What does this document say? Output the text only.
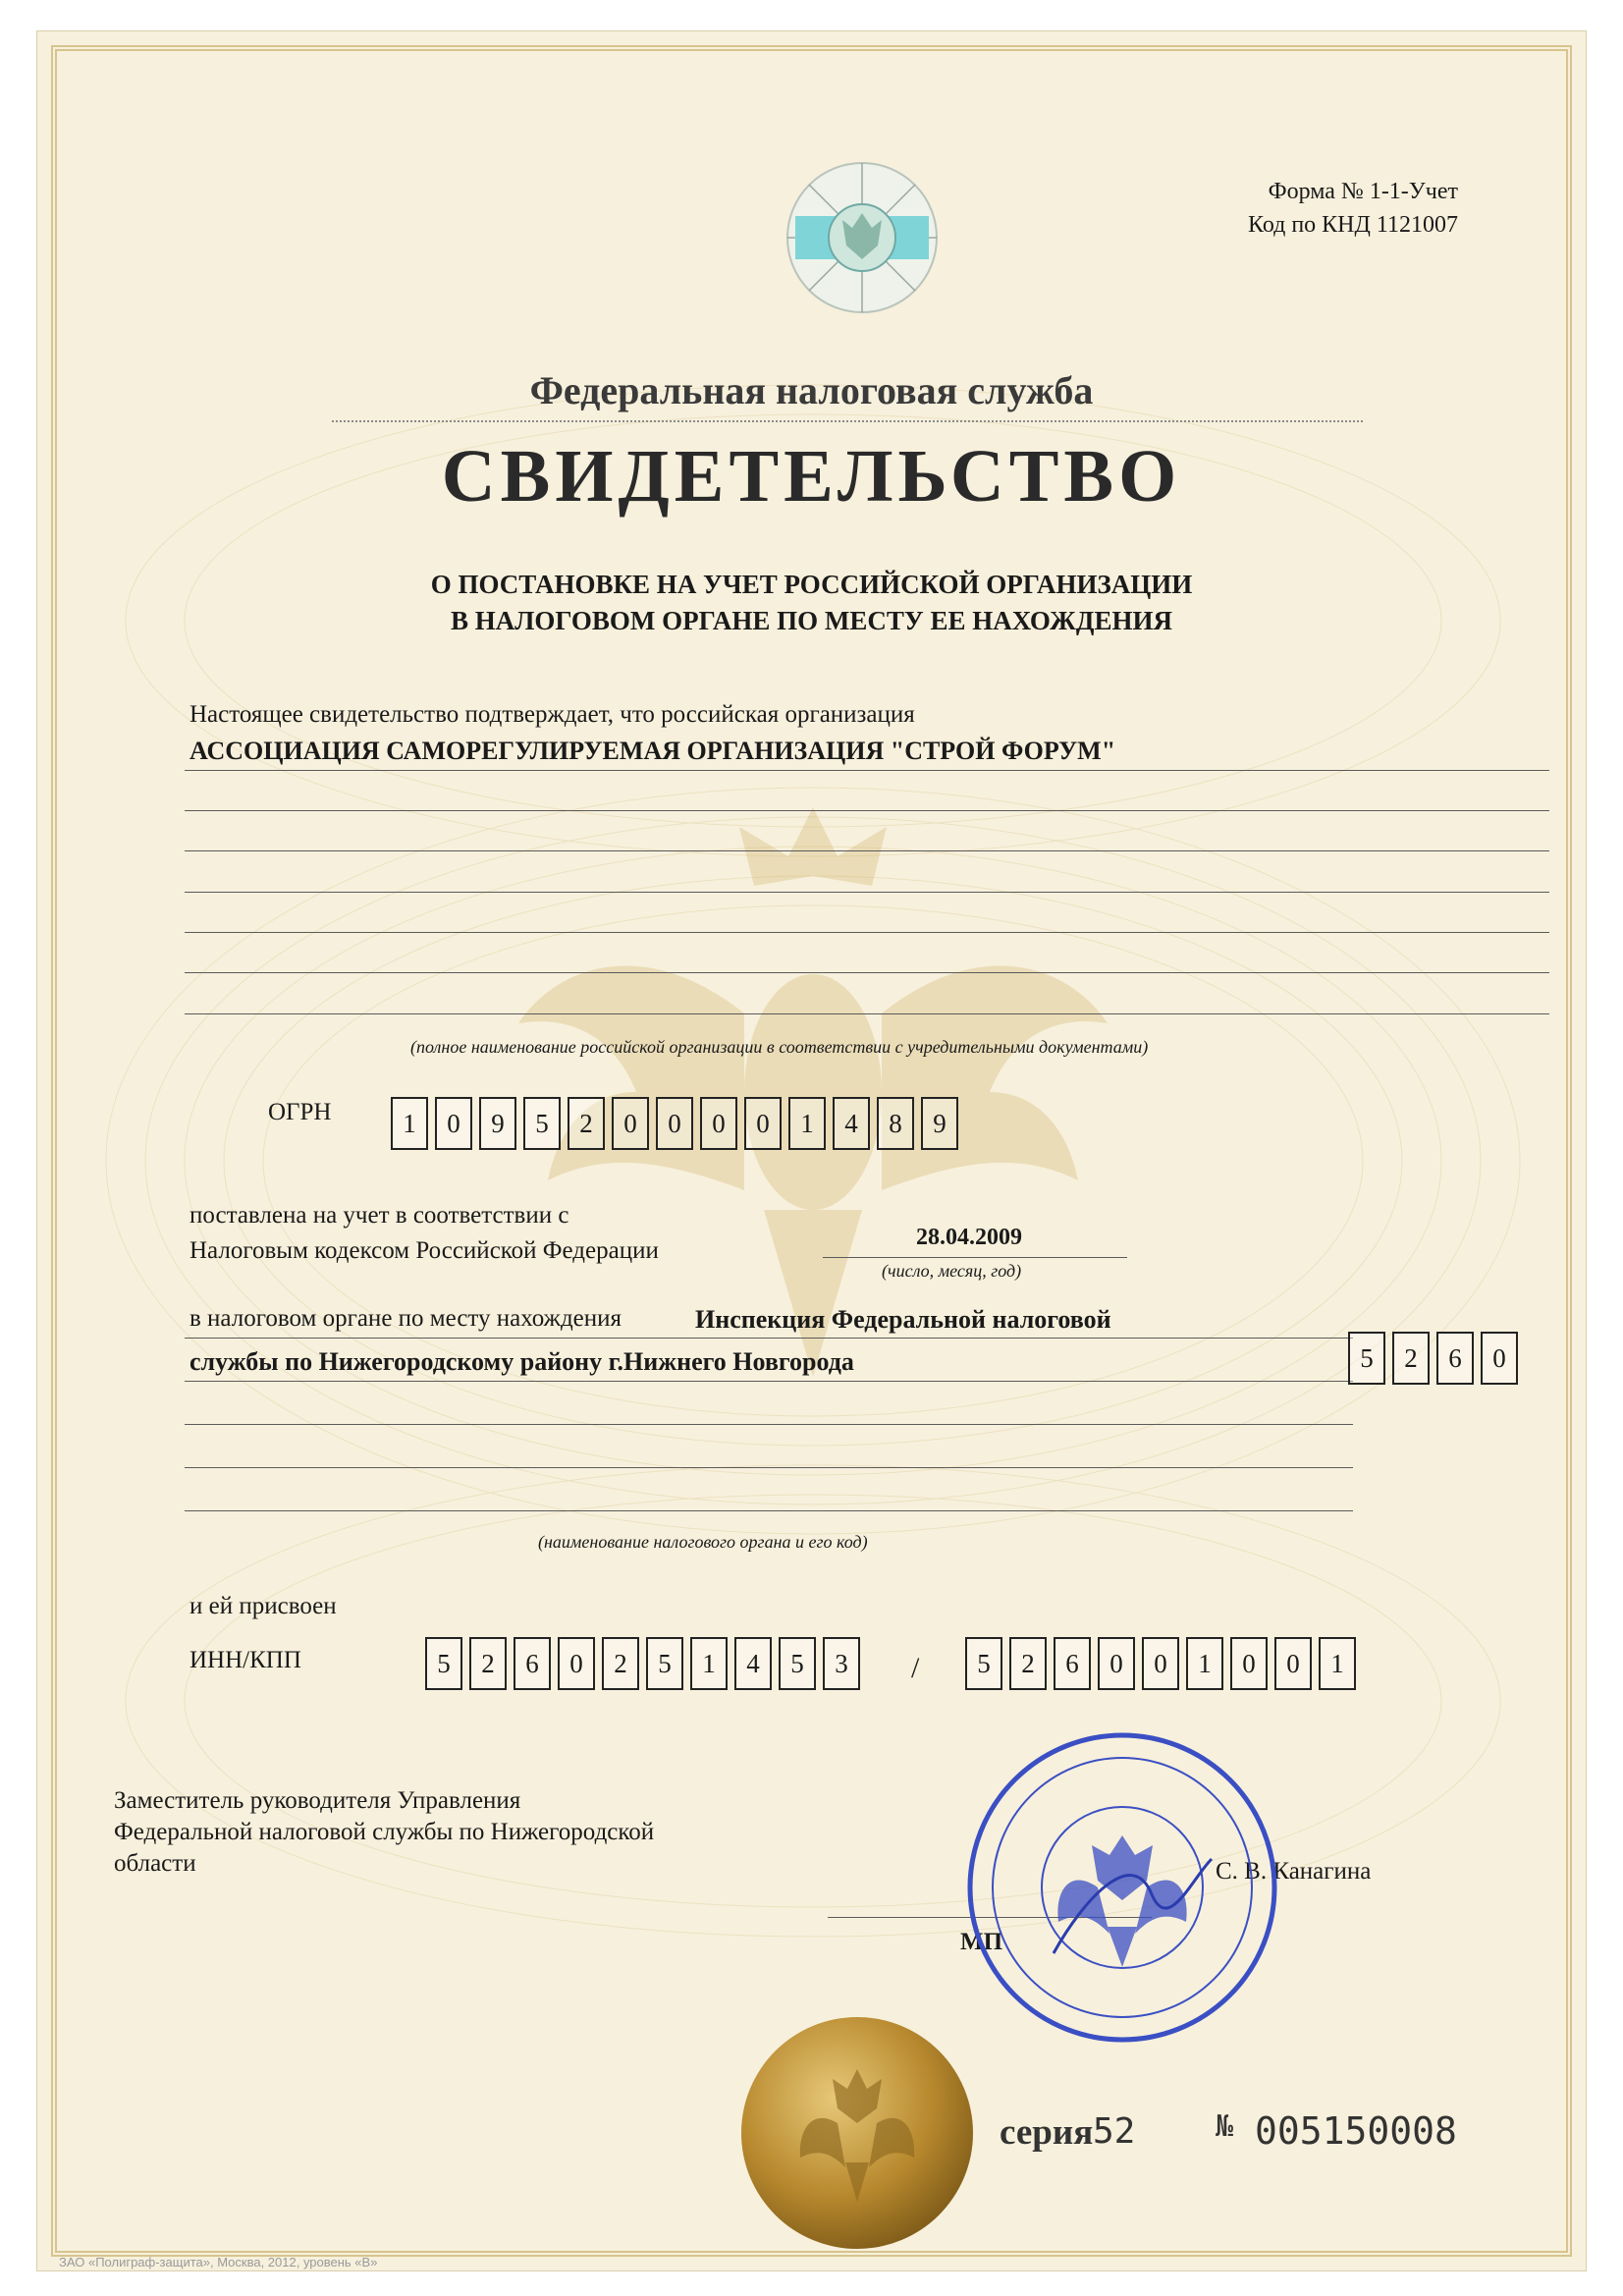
Форма № 1-1-Учет
Код по КНД 1121007
Федеральная налоговая служба
СВИДЕТЕЛЬСТВО
О ПОСТАНОВКЕ НА УЧЕТ РОССИЙСКОЙ ОРГАНИЗАЦИИ
В НАЛОГОВОМ ОРГАНЕ ПО МЕСТУ ЕЕ НАХОЖДЕНИЯ
Настоящее свидетельство подтверждает, что российская организация
АССОЦИАЦИЯ САМОРЕГУЛИРУЕМАЯ ОРГАНИЗАЦИЯ "СТРОЙ ФОРУМ"
(полное наименование российской организации в соответствии с учредительными документами)
ОГРН	1	0	9	5	2	0	0	0	0	1	4	8	9
поставлена на учет в соответствии с
Налоговым кодексом Российской Федерации	28.04.2009
(число, месяц, год)
в налоговом органе по месту нахождения	Инспекция Федеральной налоговой
службы по Нижегородскому району г.Нижнего Новгорода	5	2	6	0
(наименование налогового органа и его код)
и ей присвоен
ИНН/КПП	5	2	6	0	2	5	1	4	5	3	/	5	2	6	0	0	1	0	0	1
Заместитель руководителя Управления
Федеральной налоговой службы по Нижегородской
области	С. В. Канагина
МП
серия 52	№ 005150008
ЗАО «Полиграф-защита», Москва, 2012, уровень «В»
